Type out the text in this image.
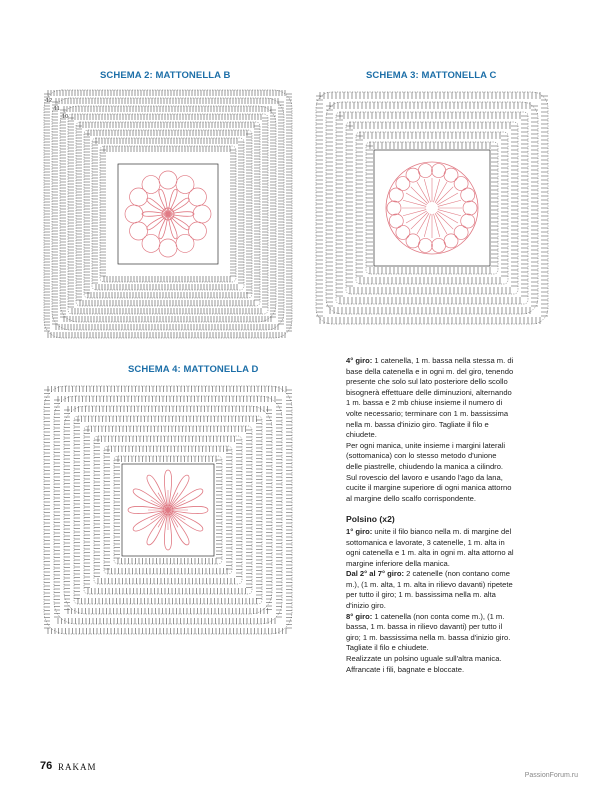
SCHEMA 2: MATTONELLA B	SCHEMA 3: MATTONELLA C
SCHEMA 4: MATTONELLA D
12
11
10

4° giro: 1 catenella, 1 m. bassa nella stessa m. di base della catenella e in ogni m. del giro, tenendo presente che solo sul lato posteriore dello scollo bisognerà effettuare delle diminuzioni, alternando 1 m. bassa e 2 mb chiuse insieme il numero di volte necessario; terminare con 1 m. bassissima nella m. bassa d'inizio giro. Tagliate il filo e chiudete.

Per ogni manica, unite insieme i margini laterali (sottomanica) con lo stesso metodo d'unione delle piastrelle, chiudendo la manica a cilindro. Sul rovescio del lavoro e usando l'ago da lana, cucite il margine superiore di ogni manica attorno al margine dello scalfo corrispondente.

Polsino (x2)

1° giro: unite il filo bianco nella m. di margine del sottomanica e lavorate, 3 catenelle, 1 m. alta in ogni catenella e 1 m. alta in ogni m. alta attorno al margine inferiore della manica.

Dal 2° al 7° giro: 2 catenelle (non contano come m.), (1 m. alta, 1 m. alta in rilievo davanti) ripetete per tutto il giro; 1 m. bassissima nella m. alta d'inizio giro.

8° giro: 1 catenella (non conta come m.), (1 m. bassa, 1 m. bassa in rilievo davanti) per tutto il giro; 1 m. bassissima nella m. bassa d'inizio giro. Tagliate il filo e chiudete.

Realizzate un polsino uguale sull'altra manica.

Affrancate i fili, bagnate e bloccate.

76 RAKAM
PassionForum.ru
